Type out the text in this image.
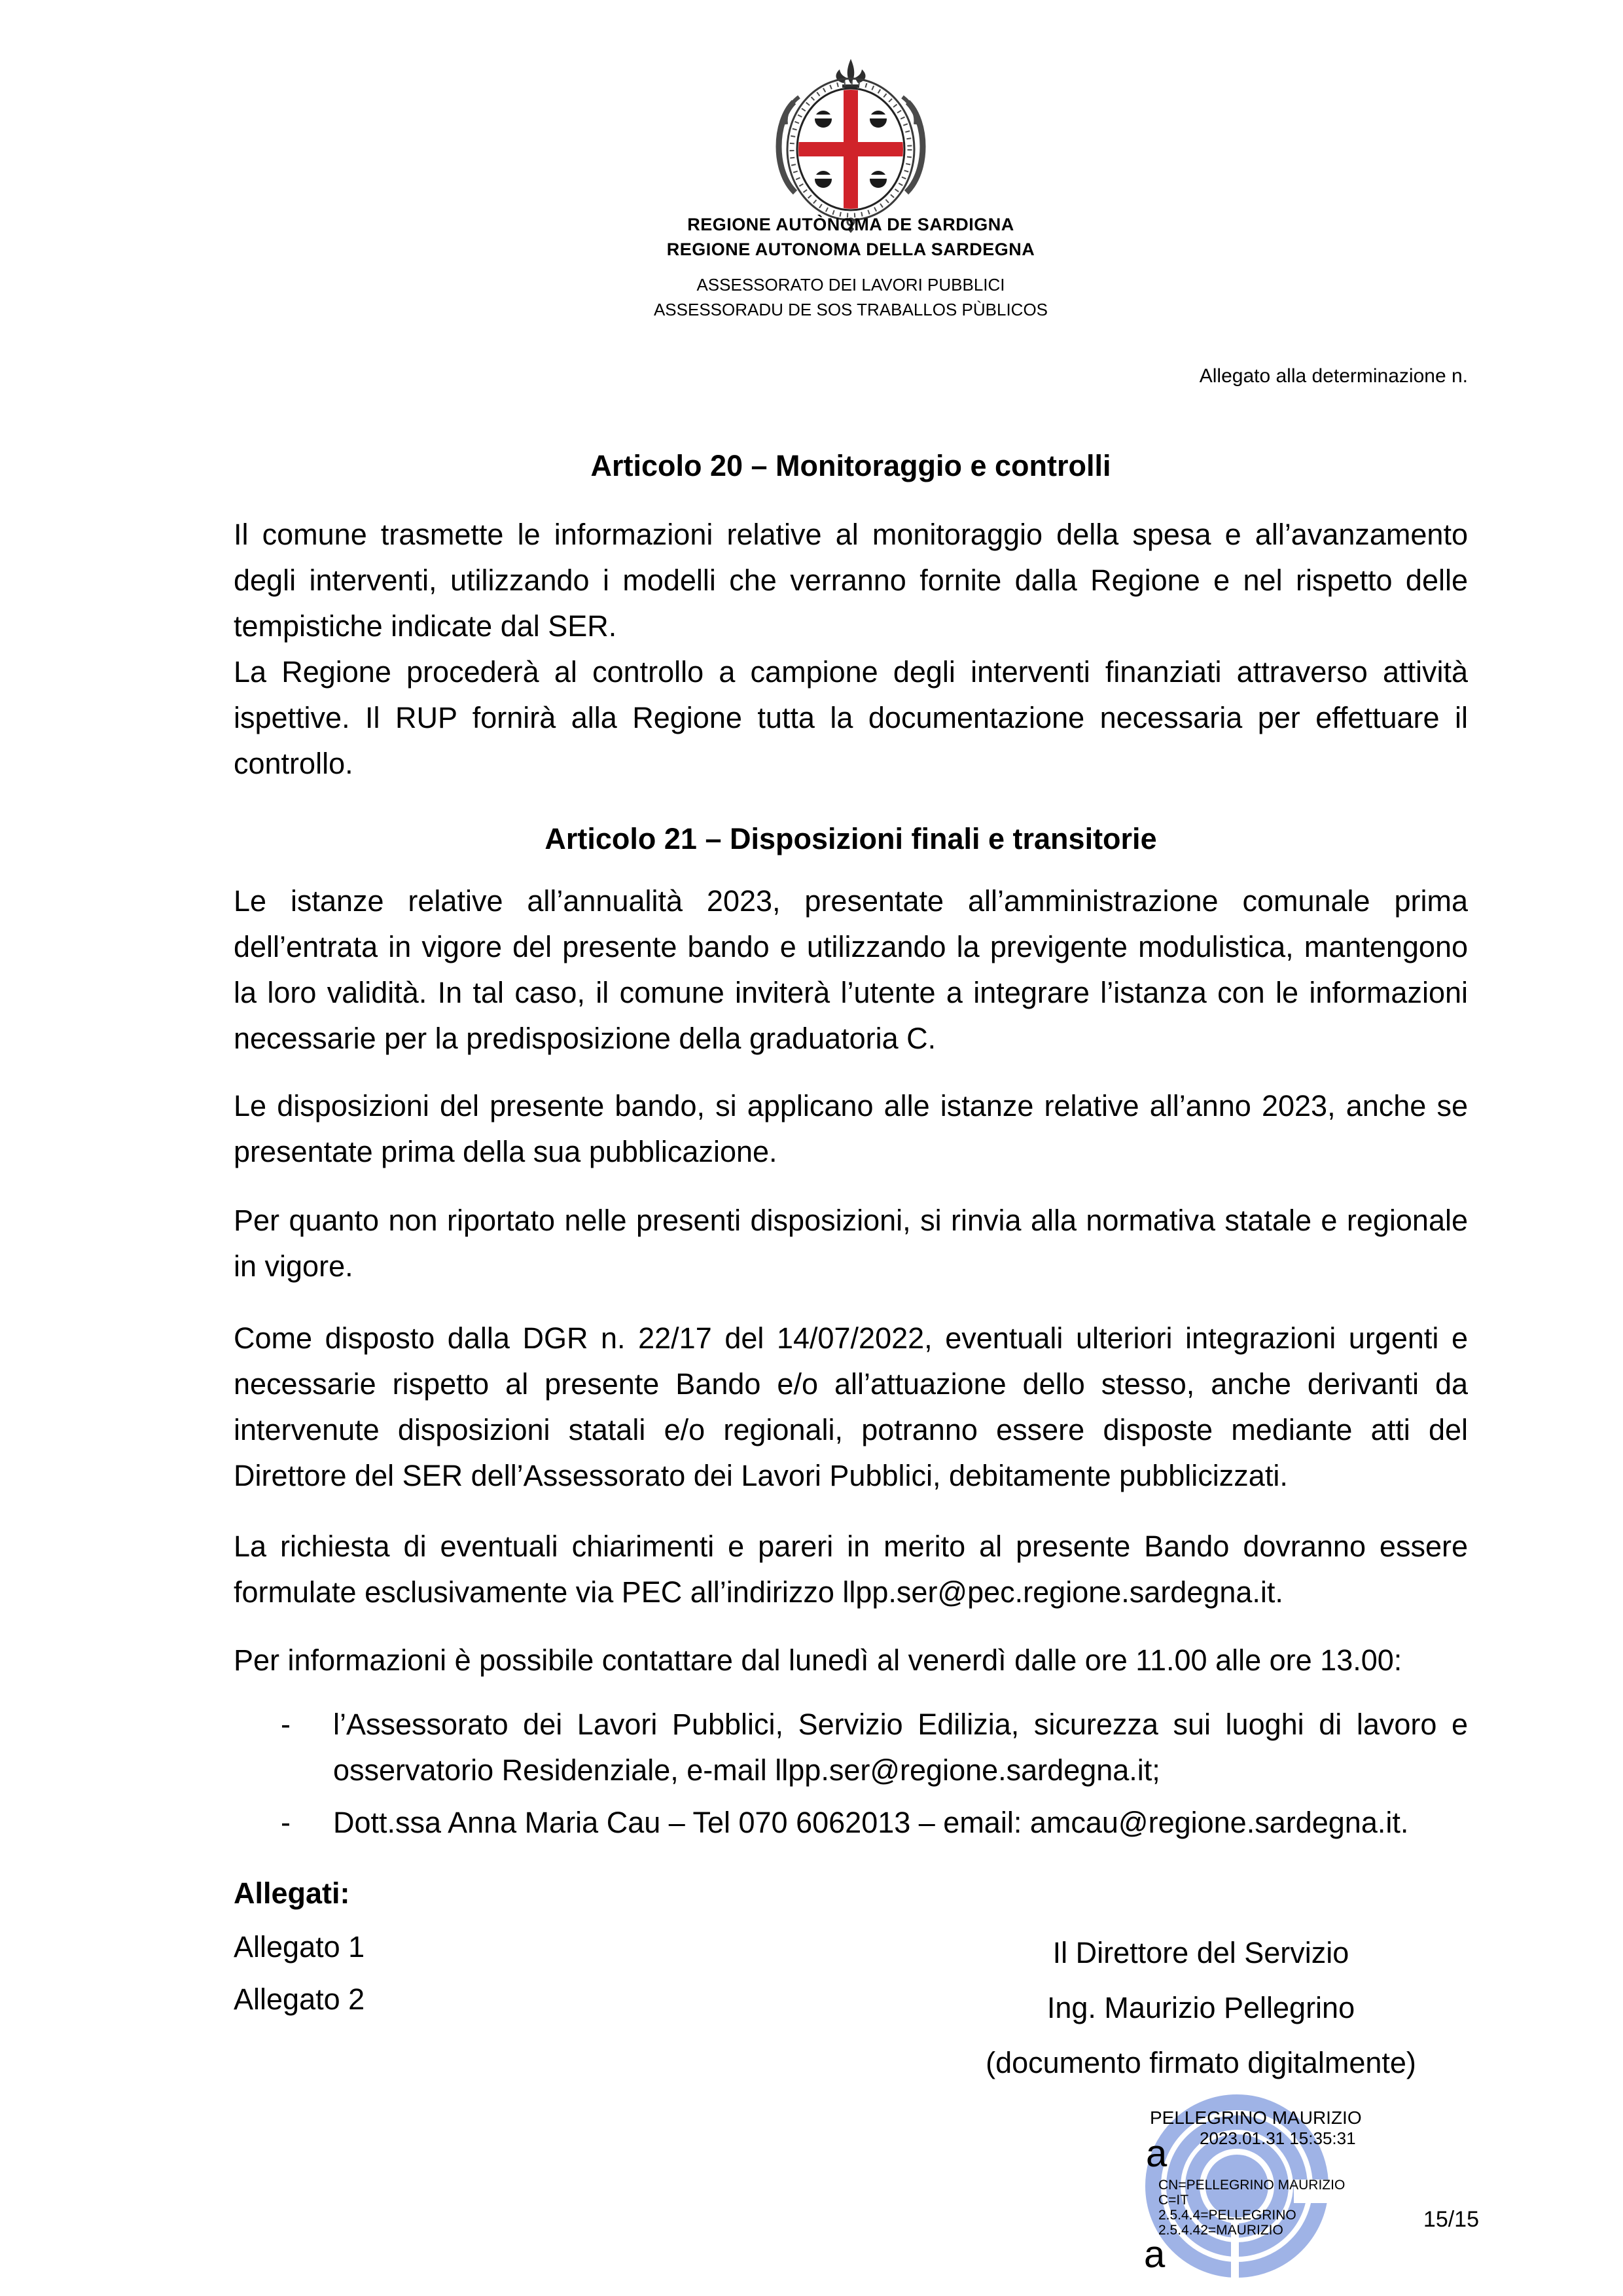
REGIONE AUTÒNOMA DE SARDIGNA
REGIONE AUTONOMA DELLA SARDEGNA
ASSESSORATO DEI LAVORI PUBBLICI
ASSESSORADU DE SOS TRABALLOS PÙBLICOS
Allegato alla determinazione n.
Articolo 20 – Monitoraggio e controlli

Il comune trasmette le informazioni relative al monitoraggio della spesa e all’avanzamento degli interventi, utilizzando i modelli che verranno fornite dalla Regione e nel rispetto delle tempistiche indicate dal SER.

La Regione procederà al controllo a campione degli interventi finanziati attraverso attività ispettive. Il RUP fornirà alla Regione tutta la documentazione necessaria per effettuare il controllo.

Articolo 21 – Disposizioni finali e transitorie

Le istanze relative all’annualità 2023, presentate all’amministrazione comunale prima dell’entrata in vigore del presente bando e utilizzando la previgente modulistica, mantengono la loro validità. In tal caso, il comune inviterà l’utente a integrare l’istanza con le informazioni necessarie per la predisposizione della graduatoria C.

Le disposizioni del presente bando, si applicano alle istanze relative all’anno 2023, anche se presentate prima della sua pubblicazione.

Per quanto non riportato nelle presenti disposizioni, si rinvia alla normativa statale e regionale in vigore.

Come disposto dalla DGR n. 22/17 del 14/07/2022, eventuali ulteriori integrazioni urgenti e necessarie rispetto al presente Bando e/o all’attuazione dello stesso, anche derivanti da intervenute disposizioni statali e/o regionali, potranno essere disposte mediante atti del Direttore del SER dell’Assessorato dei Lavori Pubblici, debitamente pubblicizzati.

La richiesta di eventuali chiarimenti e pareri in merito al presente Bando dovranno essere formulate esclusivamente via PEC all’indirizzo llpp.ser@pec.regione.sardegna.it.

Per informazioni è possibile contattare dal lunedì al venerdì dalle ore 11.00 alle ore 13.00:

-	l’Assessorato dei Lavori Pubblici, Servizio Edilizia, sicurezza sui luoghi di lavoro e osservatorio Residenziale, e-mail llpp.ser@regione.sardegna.it;
-	Dott.ssa Anna Maria Cau – Tel 070 6062013 – email: amcau@regione.sardegna.it.

Allegati:

Allegato 1

Allegato 2

Il Direttore del Servizio
Ing. Maurizio Pellegrino
(documento firmato digitalmente)
PELLEGRINO MAURIZIO
2023.01.31 15:35:31
a
CN=PELLEGRINO MAURIZIO
C=IT
2.5.4.4=PELLEGRINO
2.5.4.42=MAURIZIO
a
15/15
